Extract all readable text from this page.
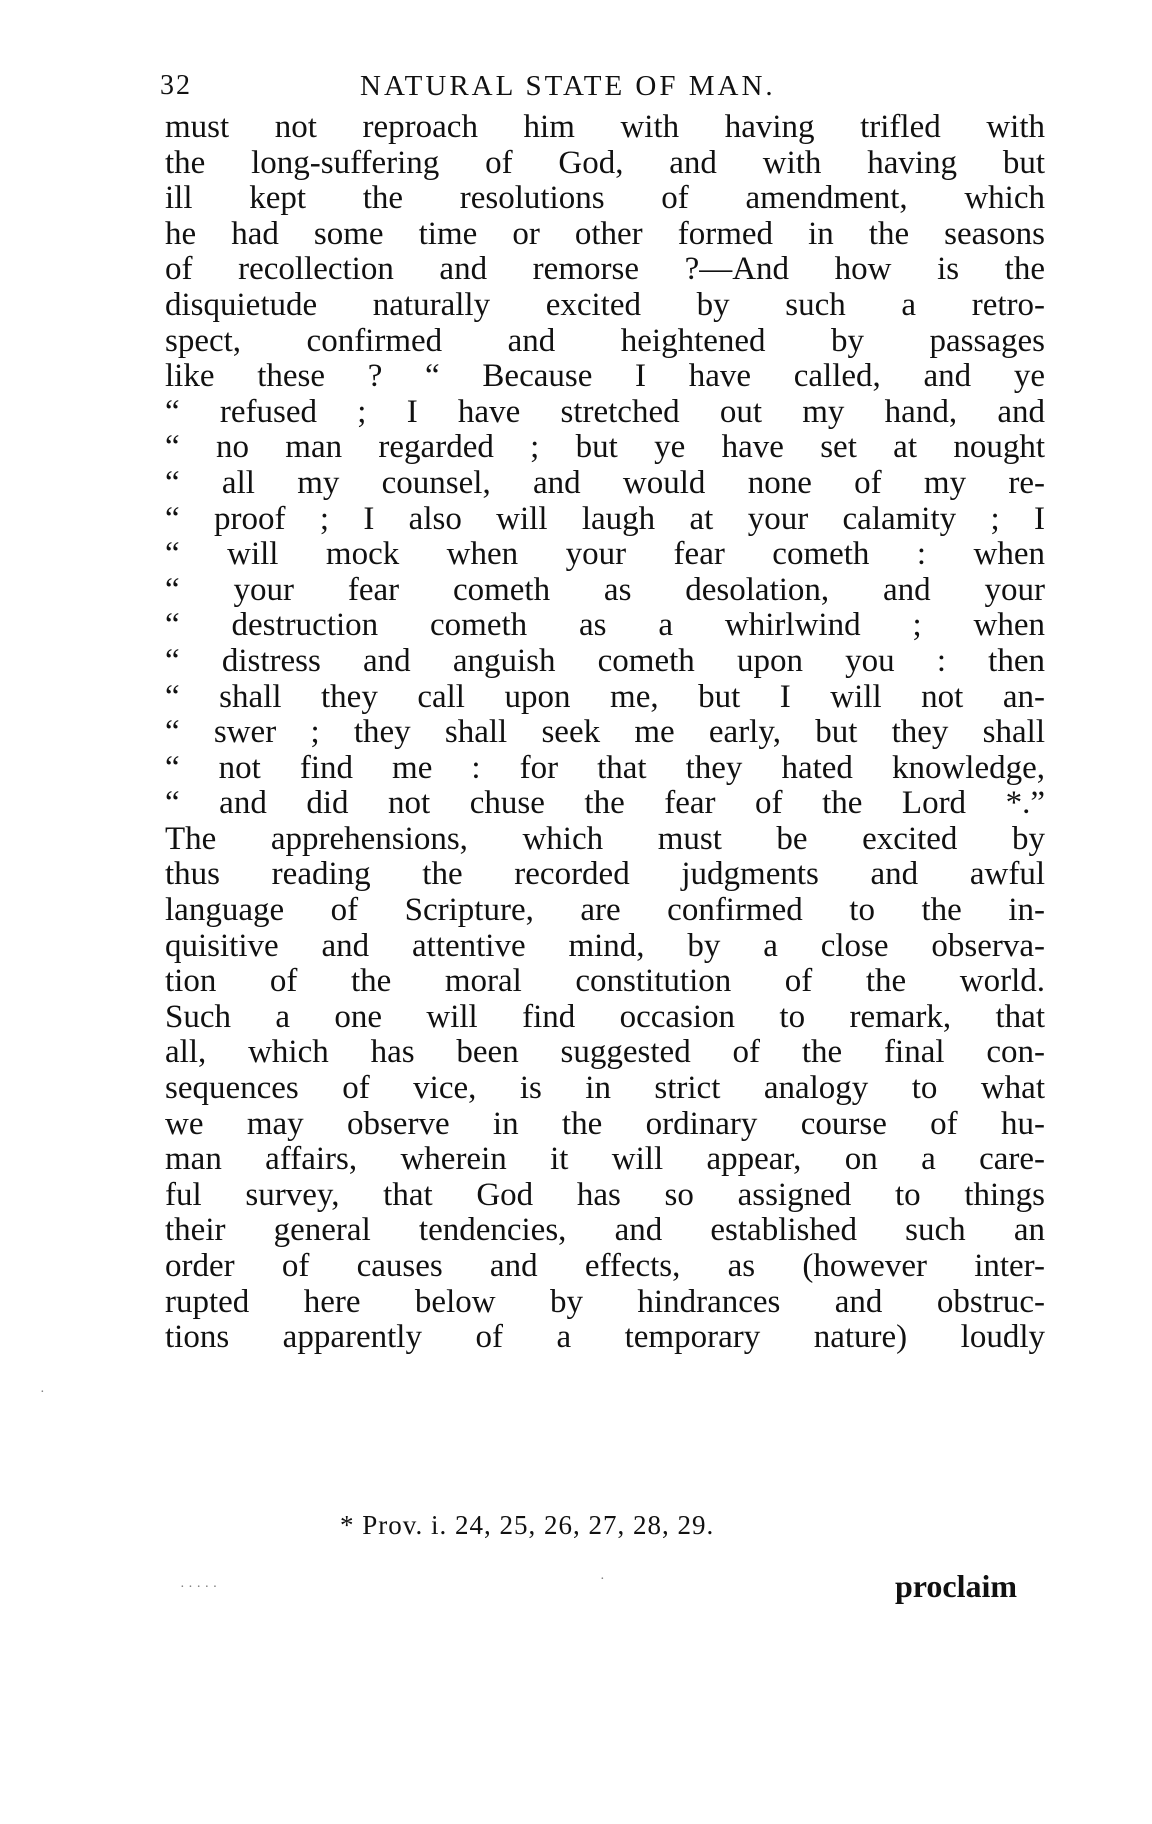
32	NATURAL STATE OF MAN.
must not reproach him with having trifled with
the long-suffering of God, and with having but
ill kept the resolutions of amendment, which
he had some time or other formed in the seasons
of recollection and remorse ?—And how is the
disquietude naturally excited by such a retro-
spect, confirmed and heightened by passages
like these ? “ Because I have called, and ye
“ refused ; I have stretched out my hand, and
“ no man regarded ; but ye have set at nought
“ all my counsel, and would none of my re-
“ proof ; I also will laugh at your calamity ; I
“ will mock when your fear cometh : when
“ your fear cometh as desolation, and your
“ destruction cometh as a whirlwind ; when
“ distress and anguish cometh upon you : then
“ shall they call upon me, but I will not an-
“ swer ; they shall seek me early, but they shall
“ not find me : for that they hated knowledge,
“ and did not chuse the fear of the Lord *.”
The apprehensions, which must be excited by
thus reading the recorded judgments and awful
language of Scripture, are confirmed to the in-
quisitive and attentive mind, by a close observa-
tion of the moral constitution of the world.
Such a one will find occasion to remark, that
all, which has been suggested of the final con-
sequences of vice, is in strict analogy to what
we may observe in the ordinary course of hu-
man affairs, wherein it will appear, on a care-
ful survey, that God has so assigned to things
their general tendencies, and established such an
order of causes and effects, as (however inter-
rupted here below by hindrances and obstruc-
tions apparently of a temporary nature) loudly
* Prov. i. 24, 25, 26, 27, 28, 29.
proclaim
· · · · ·
·
·
